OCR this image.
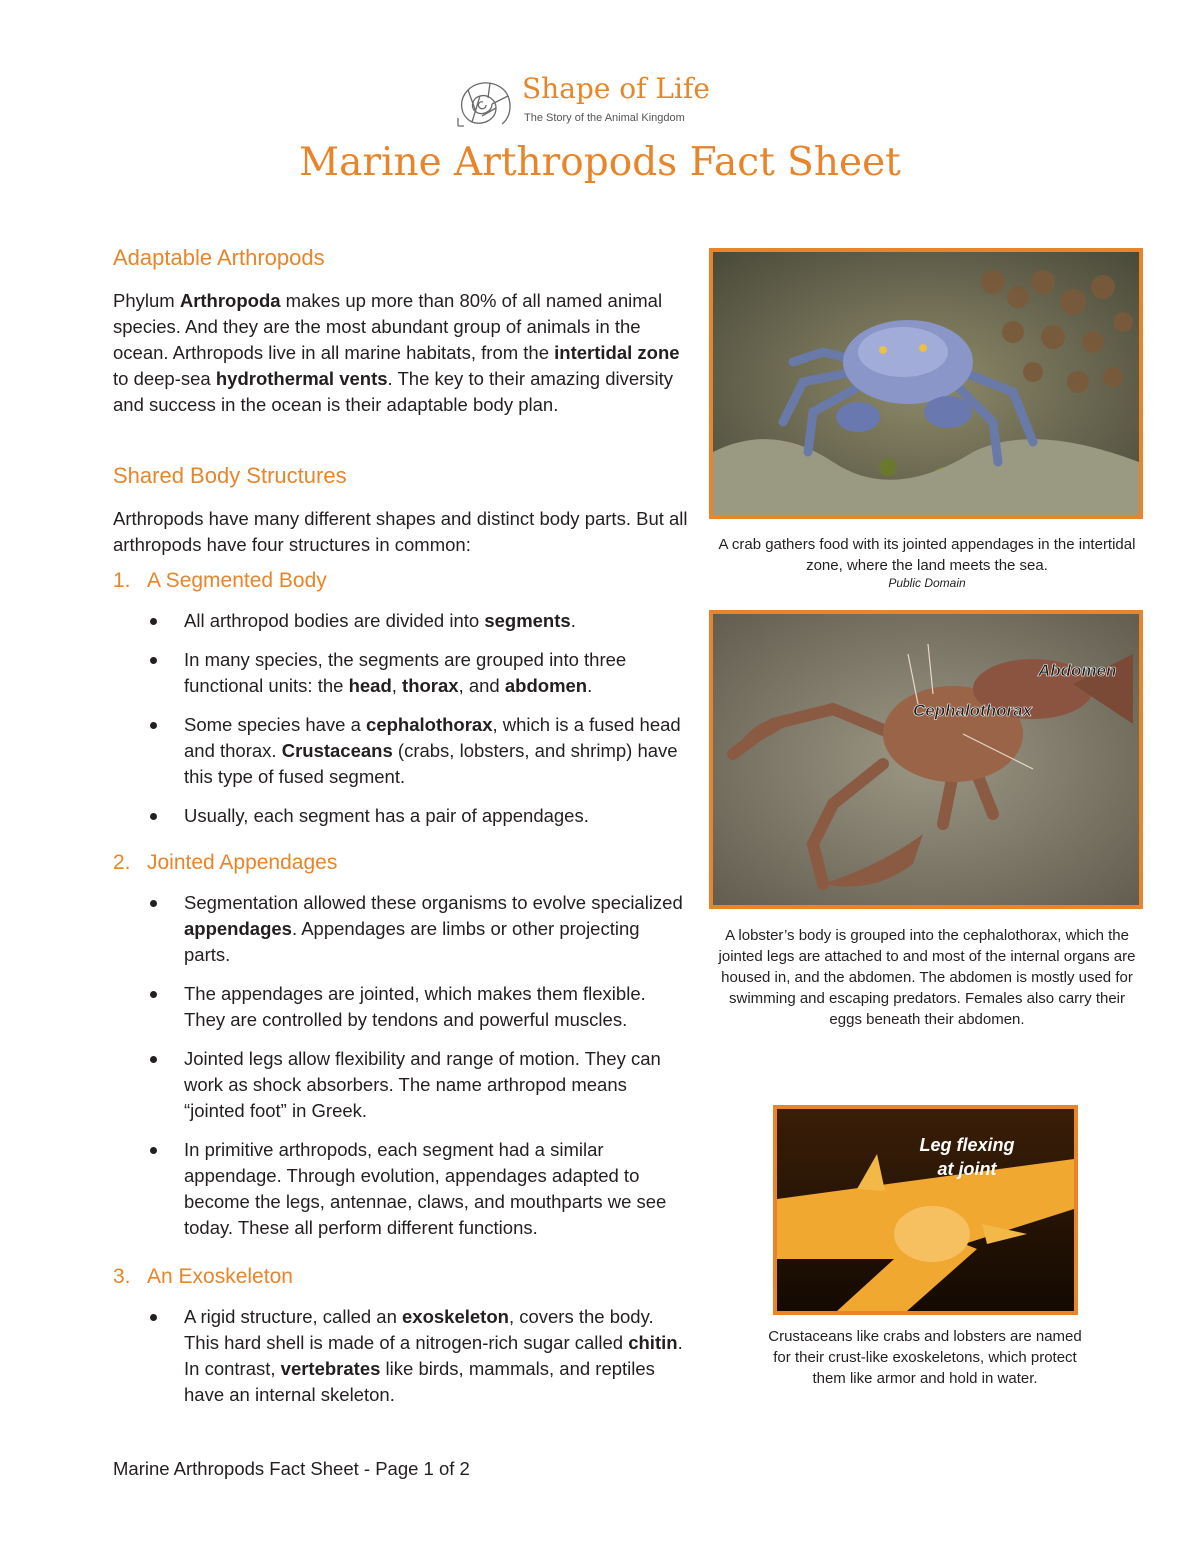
Shape of Life
The Story of the Animal Kingdom
Marine Arthropods Fact Sheet
Adaptable Arthropods
Phylum Arthropoda makes up more than 80% of all named animal species. And they are the most abundant group of animals in the ocean. Arthropods live in all marine habitats, from the intertidal zone to deep-sea hydrothermal vents. The key to their amazing diversity and success in the ocean is their adaptable body plan.
Shared Body Structures
Arthropods have many different shapes and distinct body parts. But all arthropods have four structures in common:
1. A Segmented Body
All arthropod bodies are divided into segments.
In many species, the segments are grouped into three functional units: the head, thorax, and abdomen.
Some species have a cephalothorax, which is a fused head and thorax. Crustaceans (crabs, lobsters, and shrimp) have this type of fused segment.
Usually, each segment has a pair of appendages.
2. Jointed Appendages
Segmentation allowed these organisms to evolve specialized appendages. Appendages are limbs or other projecting parts.
The appendages are jointed, which makes them flexible. They are controlled by tendons and powerful muscles.
Jointed legs allow flexibility and range of motion. They can work as shock absorbers. The name arthropod means “jointed foot” in Greek.
In primitive arthropods, each segment had a similar appendage. Through evolution, appendages adapted to become the legs, antennae, claws, and mouthparts we see today. These all perform different functions.
3. An Exoskeleton
A rigid structure, called an exoskeleton, covers the body. This hard shell is made of a nitrogen-rich sugar called chitin. In contrast, vertebrates like birds, mammals, and reptiles have an internal skeleton.
A crab gathers food with its jointed appendages in the intertidal zone, where the land meets the sea.
Public Domain
Abdomen
Cephalothorax
A lobster’s body is grouped into the cephalothorax, which the jointed legs are attached to and most of the internal organs are housed in, and the abdomen. The abdomen is mostly used for swimming and escaping predators. Females also carry their eggs beneath their abdomen.
Leg flexing at joint
Crustaceans like crabs and lobsters are named for their crust-like exoskeletons, which protect them like armor and hold in water.
Marine Arthropods Fact Sheet - Page 1 of 2
